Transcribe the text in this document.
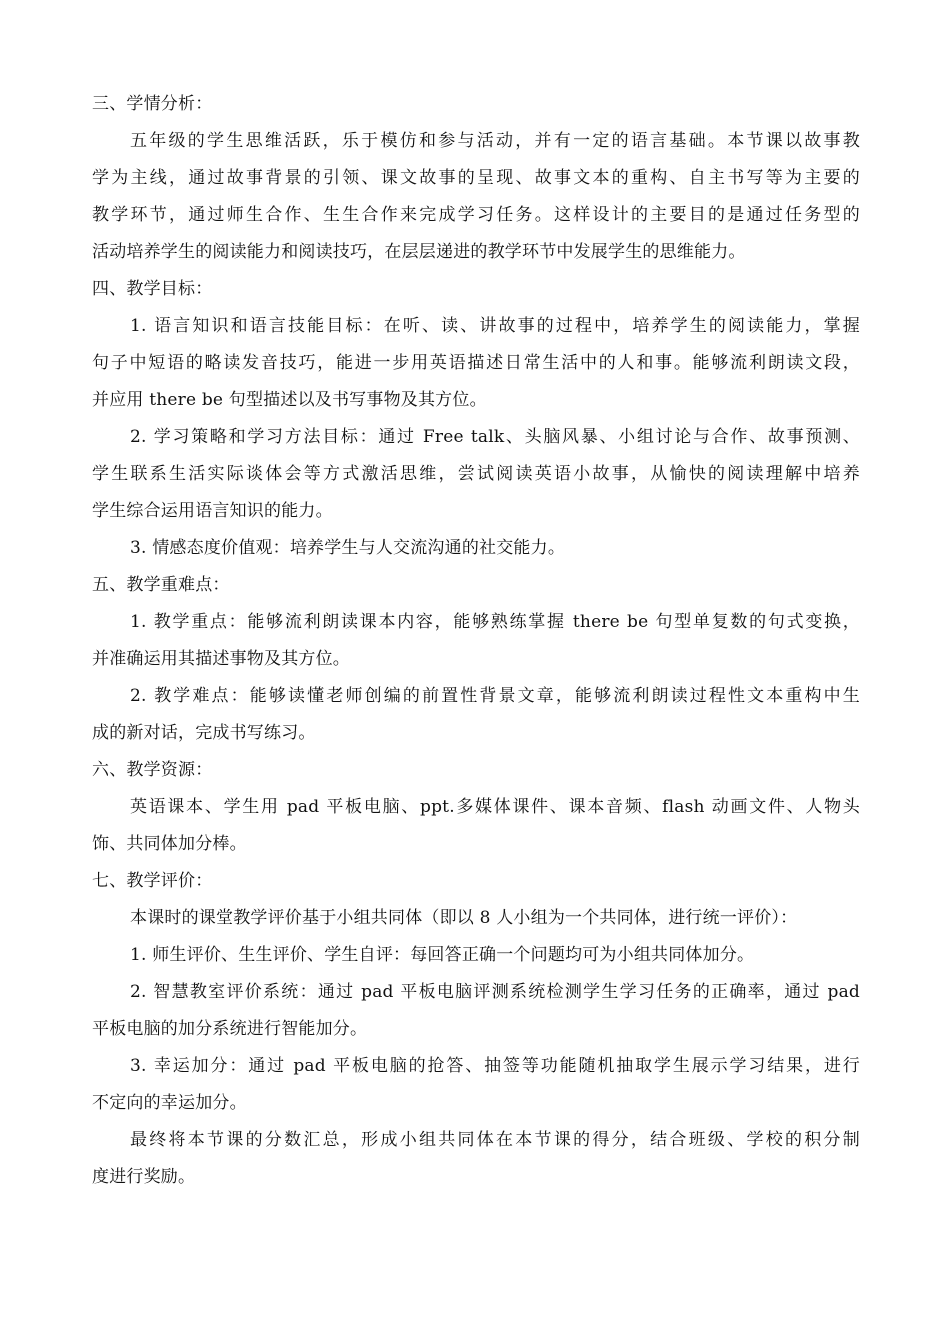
三、学情分析：
五年级的学生思维活跃，乐于模仿和参与活动，并有一定的语言基础。本节课以故事教
学为主线，通过故事背景的引领、课文故事的呈现、故事文本的重构、自主书写等为主要的
教学环节，通过师生合作、生生合作来完成学习任务。这样设计的主要目的是通过任务型的
活动培养学生的阅读能力和阅读技巧，在层层递进的教学环节中发展学生的思维能力。
四、教学目标：
1. 语言知识和语言技能目标：在听、读、讲故事的过程中，培养学生的阅读能力，掌握
句子中短语的略读发音技巧，能进一步用英语描述日常生活中的人和事。能够流利朗读文段，
并应用 there be 句型描述以及书写事物及其方位。
2. 学习策略和学习方法目标：通过 Free talk、头脑风暴、小组讨论与合作、故事预测、
学生联系生活实际谈体会等方式激活思维，尝试阅读英语小故事，从愉快的阅读理解中培养
学生综合运用语言知识的能力。
3. 情感态度价值观：培养学生与人交流沟通的社交能力。
五、教学重难点：
1. 教学重点：能够流利朗读课本内容，能够熟练掌握 there be 句型单复数的句式变换，
并准确运用其描述事物及其方位。
2. 教学难点：能够读懂老师创编的前置性背景文章，能够流利朗读过程性文本重构中生
成的新对话，完成书写练习。
六、教学资源：
英语课本、学生用 pad 平板电脑、ppt.多媒体课件、课本音频、flash 动画文件、人物头
饰、共同体加分棒。
七、教学评价：
本课时的课堂教学评价基于小组共同体（即以 8 人小组为一个共同体，进行统一评价）：
1. 师生评价、生生评价、学生自评：每回答正确一个问题均可为小组共同体加分。
2. 智慧教室评价系统：通过 pad 平板电脑评测系统检测学生学习任务的正确率，通过 pad
平板电脑的加分系统进行智能加分。
3. 幸运加分：通过 pad 平板电脑的抢答、抽签等功能随机抽取学生展示学习结果，进行
不定向的幸运加分。
最终将本节课的分数汇总，形成小组共同体在本节课的得分，结合班级、学校的积分制
度进行奖励。
